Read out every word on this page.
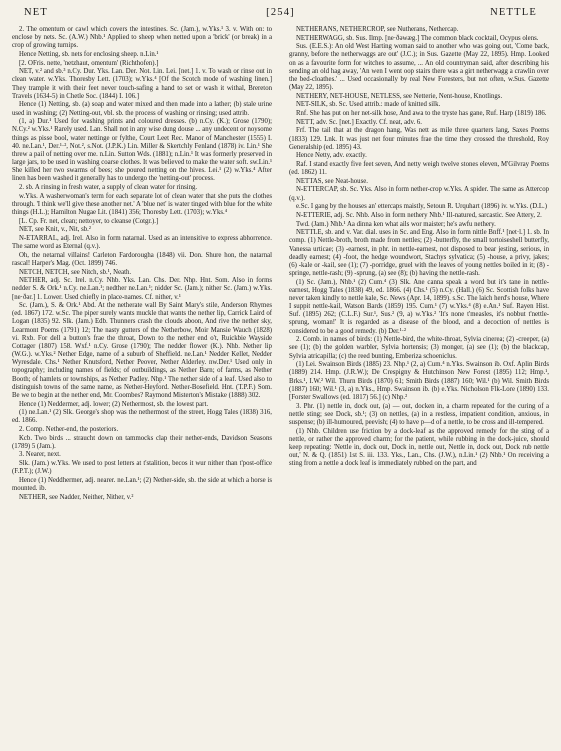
NET	[254]	NETTLE

2. The omentum or cawl which covers the intestines. Sc. (Jam.), w.Yks.¹ 3. v. With on: to enclose by nets. Sc. (A.W.) Nhb.¹ Applied to sheep when netted upon a 'brick' (or break) in a crop of growing turnips.

Hence Netting, sb. nets for enclosing sheep. n.Lin.¹

[2. OFris. nette, 'netzhaut, omentum' (Richthofen).]

NET, v.² and sb.³ n.Cy. Dur. Yks. Lan. Der. Not. Lin. Lei. [net.] 1. v. To wash or rinse out in clean water. w.Yks. Thoresby Lett. (1703); w.Yks.⁴ [Of the Scotch mode of washing linen.] They trample it with their feet never touch-safing a hand to set or wash it withal, Brereton Travels (1634-5) in Chetle Soc. (1844) I. 106.]

Hence (1) Netting, sb. (a) soap and water mixed and then made into a lather; (b) stale urine used in washing; (2) Netting-out, vbl. sb. the process of washing or rinsing; used attrib.

(1, a) Dur.¹ Used for washing prints and coloured dresses. (b) n.Cy. (K.); Grose (1790); N.Cy.² w.Yks.¹ Rarely used. Lan. Shall not in any wise dung douse ... any undecent or noysome things as pisse bool, water nettinge or fylthe, Court Leet Rec. Manor of Manchester (1555) I. 40. ne.Lan.¹, Der.¹·², Not.², s.Not. (J.P.K.) Lin. Miller & Skertchly Fenland (1878) iv. Lin.¹ She threw a pail of netting over me. n.Lin. Sutton Wds. (1881); n.Lin.¹ It was formerly preserved in large jars, to be used in washing coarse clothes. It was believed to make the water soft. sw.Lin.¹ She killed her two swarms of bees; she poured netting on the hives. Lei.¹ (2) w.Yks.⁴ After linen has been washed it generally has to undergo the 'netting-out' process.

2. sb. A rinsing in fresh water, a supply of clean water for rinsing.

w.Yks. A washerwoman's term for each separate lot of clean water that she puts the clothes through. 'I think we'll give these another net.' A 'blue net' is water tinged with blue for the white things (H.L.); Hamilton Nugae Lit. (1841) 356; Thoresby Lett. (1703); w.Yks.⁴

[L. Cp. Fr. net, clean; nettoyer, to cleanse (Cotgr.).]

NET, see Knit, v., Nit, sb.²

N-ETARRAL, adj. Irel. Also in form natarnal. Used as an intensitive to express abhorrence. The same word as Eternal (q.v.).

Oh, the netarnal villains! Carleton Fardorougha (1848) vii. Don. Shure hon, the natarnal rascal! Harper's Mag. (Oct. 1899) 746.

NETCH, NETCH, see Nitch, sb.¹, Neath.

NETHER, adj. Sc. Irel. n.Cy. Nhb. Yks. Lan. Chs. Der. Nhp. Hnt. Som. Also in forms nedder S. & Ork.¹ n.Cy. ne.Lan.¹; nedther ne.Lan.¹; nidder Sc. (Jam.); nither Sc. (Jam.) w.Yks. [ne·ðər.] 1. Lower. Used chiefly in place-names. Cf. nither, v.¹

Sc. (Jam.), S. & Ork.¹ Abd. At the netherate wall By Saint Mary's stile, Anderson Rhymes (ed. 1867) 172. w.Sc. The piper surely wants muckle that wants the nether lip, Carrick Laird of Logan (1835) 92. Slk. (Jam.) Edb. Thunners crash the clouds aboon, And rive the nether sky, Learmont Poems (1791) 12; The nasty gutters of the Netherbow, Moir Mansie Wauch (1828) vi. Rxb. For dell a button's frae the throat, Down to the nether end o't, Ruickbie Wayside Cottager (1807) 158. Wxf.¹ n.Cy. Grose (1790); The nedder flower (K.). Nhb. Nether lip (W.G.). w.Yks.² Nether Edge, name of a suburb of Sheffield. ne.Lan.¹ Nedder Kellet, Nedder Wyresdale. Chs.¹ Nether Knutsford, Nether Peover, Nether Alderley. nw.Der.¹ Used only in topography; including names of fields; of outbuildings, as Nether Barn; of farms, as Nether Booth; of hamlets or townships, as Nether Padley. Nhp.¹ The nether side of a leaf. Used also to distinguish towns of the same name, as Nether-Heyford. Nether-Bosefield. Hnt. (T.P.F.) Som. Be we to begin at the nether end, Mr. Coombes? Raymond Misterton's Mistake (1888) 302.

Hence (1) Neddermer, adj. lower; (2) Nethermost, sb. the lowest part.

(1) ne.Lan.¹ (2) Slk. George's shop was the nethermost of the street, Hogg Tales (1838) 316, ed. 1866.

2. Comp. Nether-end, the posteriors.

Kcb. Two birds ... straucht down on tammocks clap their nether-ends, Davidson Seasons (1789) 5 (Jam.).

3. Nearer, next.

Slk. (Jam.) w.Yks. We used to post letters at t'stalition, becos it wur nither than t'post-office (F.P.T.); (J.W.)

Hence (1) Neddhermer, adj. nearer. ne.Lan.¹; (2) Nether-side, sb. the side at which a horse is mounted. ib.

NETHER, see Nadder, Neither, Nither, v.²

NETHERANS, NETHERCROP, see Nutherans, Nethercap.

NETHERWAGG, sb. Sus. Ilmp. [ne·ðəwæg.] The common black cocktail, Ocypus olens.

Sus. (E.E.S.): An old West Harting woman said to another who was going out, 'Come back, granny, before the netherwaggs are out' (J.C.); in Sus. Gazette (May 22, 1895). Hmp. Looked on as a favourite form for witches to assume, ... An old countryman said, after describing his sending an old hag away, 'An wen I went oop stairs there was a girt netherwagg a crawlin over the bed-cloathes.' ... Used occasionally by real New Foresters, but not often, w.Sus. Gazette (May 22, 1895).

NETHERY, NET-HOUSE, NETLESS, see Netterie, Nent-house, Knotlings.

NET-SILK, sb. Sc. Used attrib.: made of knitted silk.

Rnf. She has put on her net-silk hose, And awa to the tryste has gane, Ruf. Harp (1819) 186.

NETT, adv. Sc. [net.] Exactly. Cf. neat, adv. 6.

Frf. The tail that at the dragon hang, Was nett as mile three quarters lang, Saxes Poems (1833) 129. Lnk. It was just net four minutes frae the time they crossed the threshold, Roy Generalship (ed. 1895) 43.

Hence Netty, adv. exactly.

Raf. I stand exactly five feet seven, And netty weigh twelve stones eleven, M'Gilvray Poems (ed. 1862) 11.

NETTAS, see Neat-house.

N-ETTERCAP, sb. Sc. Yks. Also in form nether-crop w.Yks. A spider. The same as Attercop (q.v.).

e.Sc. I gang by the houses an' ettercaps maistly, Setoun R. Urquhart (1896) iv. w.Yks. (D.L.)

N-ETTERIE, adj. Sc. Nhb. Also in form nethery Nhb.¹ Ill-natured, sarcastic. See Attery, 2.

Twd. (Jam.) Nhb.¹ Aa dinna ken what ails wor maister; he's awfu nethery.

NETTLE, sb. and v. Var. dial. uses in Sc. and Eng. Also in form nittle Bnff.¹ [net·l.] 1. sb. In comp. (1) Nettle-broth, broth made from nettles; (2) -butterfly, the small tortoiseshell butterfly, Vanessa urticae; (3) -earnest, in phr. in nettle-earnest, not disposed to bear jesting, serious, in deadly earnest; (4) -foot, the hedge woundwort, Stachys sylvatica; (5) -house, a privy, jakes; (6) -kale or -kail, see (1); (7) -porridge, gruel with the leaves of young nettles boiled in it; (8) -springe, nettle-rash; (9) -sprung, (a) see (8); (b) having the nettle-rash.

(1) Sc. (Jam.), Nhb.¹ (2) Cum.⁴ (3) Slk. Ane canna speak a word but it's tane in nettle-earnest, Hogg Tales (1838) 49, ed. 1866. (4) Chs.¹ (5) n.Cy. (Hall.) (6) Sc. Scottish folks have never taken kindly to nettle kale, Sc. News (Apr. 14, 1899). s.Sc. The laich herd's house, Where I suppit nettle-kail, Watson Bards (1859) 195. Cum.¹ (7) w.Yks.⁴ (8) e.An.¹ Suf. Rayen Hist. Suf. (1895) 262; (C.L.F.) Sur.¹, Sus.² (9, a) w.Yks.² 'It's none t'measles, it's nobbut t'nettle-sprung, woman!' It is regarded as a disease of the blood, and a decoction of nettles is considered to be a good remedy. (b) Der.¹·²

2. Comb. in names of birds: (1) Nettle-bird, the white-throat, Sylvia cinerea; (2) -creeper, (a) see (1); (b) the golden warbler, Sylvia hortensis; (3) monger, (a) see (1); (b) the blackcap, Sylvia atricapilla; (c) the reed bunting, Emberiza schoeniclus.

(1) Lei. Swainson Birds (1885) 23. Nhp.¹ (2, a) Cum.⁴ n.Yks. Swainson ib. Oxf. Aplin Birds (1889) 214. Hmp. (J.R.W.); De Crespigny & Hutchinson New Forest (1895) 112; Hmp.¹, Brks.¹, I.W.² Wil. Thurn Birds (1870) 61; Smith Birds (1887) 160; Wil.¹ (b) Wil. Smith Birds (1887) 160; Wil.¹ (3, a) n.Yks., Hmp. Swainson ib. (b) e.Yks. Nicholson Flk-Lore (1890) 133. [Forster Swallows (ed. 1817) 56.] (c) Nhp.²

3. Phr. (1) nettle in, dock out, (a) — out, docken in, a charm repeated for the curing of a nettle sting; see Dock, sb.¹; (3) on nettles, (a) in a restless, impatient condition, anxious, in suspense; (b) ill-humoured, peevish; (4) to have p—d of a nettle, to be cross and ill-tempered.

(1) Nhb. Children use friction by a dock-leaf as the approved remedy for the sting of a nettle, or rather the approved charm; for the patient, while rubbing in the dock-juice, should keep repeating: 'Nettle in, dock out, Dock in, nettle out, Nettle in, dock out, Dock rub nettle out,' N. & Q. (1851) 1st S. iii. 133. Yks., Lan., Chs. (J.W.), n.Lin.¹ (2) Nhb.¹ On receiving a sting from a nettle a dock leaf is immediately rubbed on the part, and
